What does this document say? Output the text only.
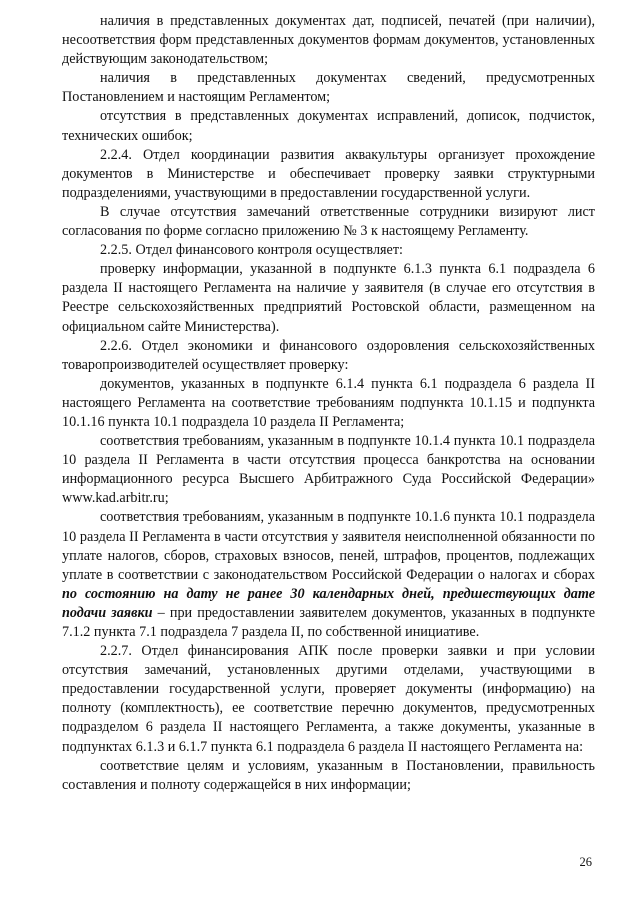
наличия в представленных документах дат, подписей, печатей (при наличии), несоответствия форм представленных документов формам документов, установленных действующим законодательством;

наличия в представленных документах сведений, предусмотренных Постановлением и настоящим Регламентом;

отсутствия в представленных документах исправлений, дописок, подчисток, технических ошибок;

2.2.4. Отдел координации развития аквакультуры организует прохождение документов в Министерстве и обеспечивает проверку заявки структурными подразделениями, участвующими в предоставлении государственной услуги.

В случае отсутствия замечаний ответственные сотрудники визируют лист согласования по форме согласно приложению № 3 к настоящему Регламенту.

2.2.5. Отдел финансового контроля осуществляет:

проверку информации, указанной в подпункте 6.1.3 пункта 6.1 подраздела 6 раздела II настоящего Регламента на наличие у заявителя (в случае его отсутствия в Реестре сельскохозяйственных предприятий Ростовской области, размещенном на официальном сайте Министерства).

2.2.6. Отдел экономики и финансового оздоровления сельскохозяйственных товаропроизводителей осуществляет проверку:

документов, указанных в подпункте 6.1.4 пункта 6.1 подраздела 6 раздела II настоящего Регламента на соответствие требованиям подпункта 10.1.15 и подпункта 10.1.16 пункта 10.1 подраздела 10 раздела II Регламента;

соответствия требованиям, указанным в подпункте 10.1.4 пункта 10.1 подраздела 10 раздела II Регламента в части отсутствия процесса банкротства на основании информационного ресурса Высшего Арбитражного Суда Российской Федерации» www.kad.arbitr.ru;

соответствия требованиям, указанным в подпункте 10.1.6 пункта 10.1 подраздела 10 раздела II Регламента в части отсутствия у заявителя неисполненной обязанности по уплате налогов, сборов, страховых взносов, пеней, штрафов, процентов, подлежащих уплате в соответствии с законодательством Российской Федерации о налогах и сборах по состоянию на дату не ранее 30 календарных дней, предшествующих дате подачи заявки – при предоставлении заявителем документов, указанных в подпункте 7.1.2 пункта 7.1 подраздела 7 раздела II, по собственной инициативе.

2.2.7. Отдел финансирования АПК после проверки заявки и при условии отсутствия замечаний, установленных другими отделами, участвующими в предоставлении государственной услуги, проверяет документы (информацию) на полноту (комплектность), ее соответствие перечню документов, предусмотренных подразделом 6 раздела II настоящего Регламента, а также документы, указанные в подпунктах 6.1.3 и 6.1.7 пункта 6.1 подраздела 6 раздела II настоящего Регламента на:

соответствие целям и условиям, указанным в Постановлении, правильность составления и полноту содержащейся в них информации;

26
